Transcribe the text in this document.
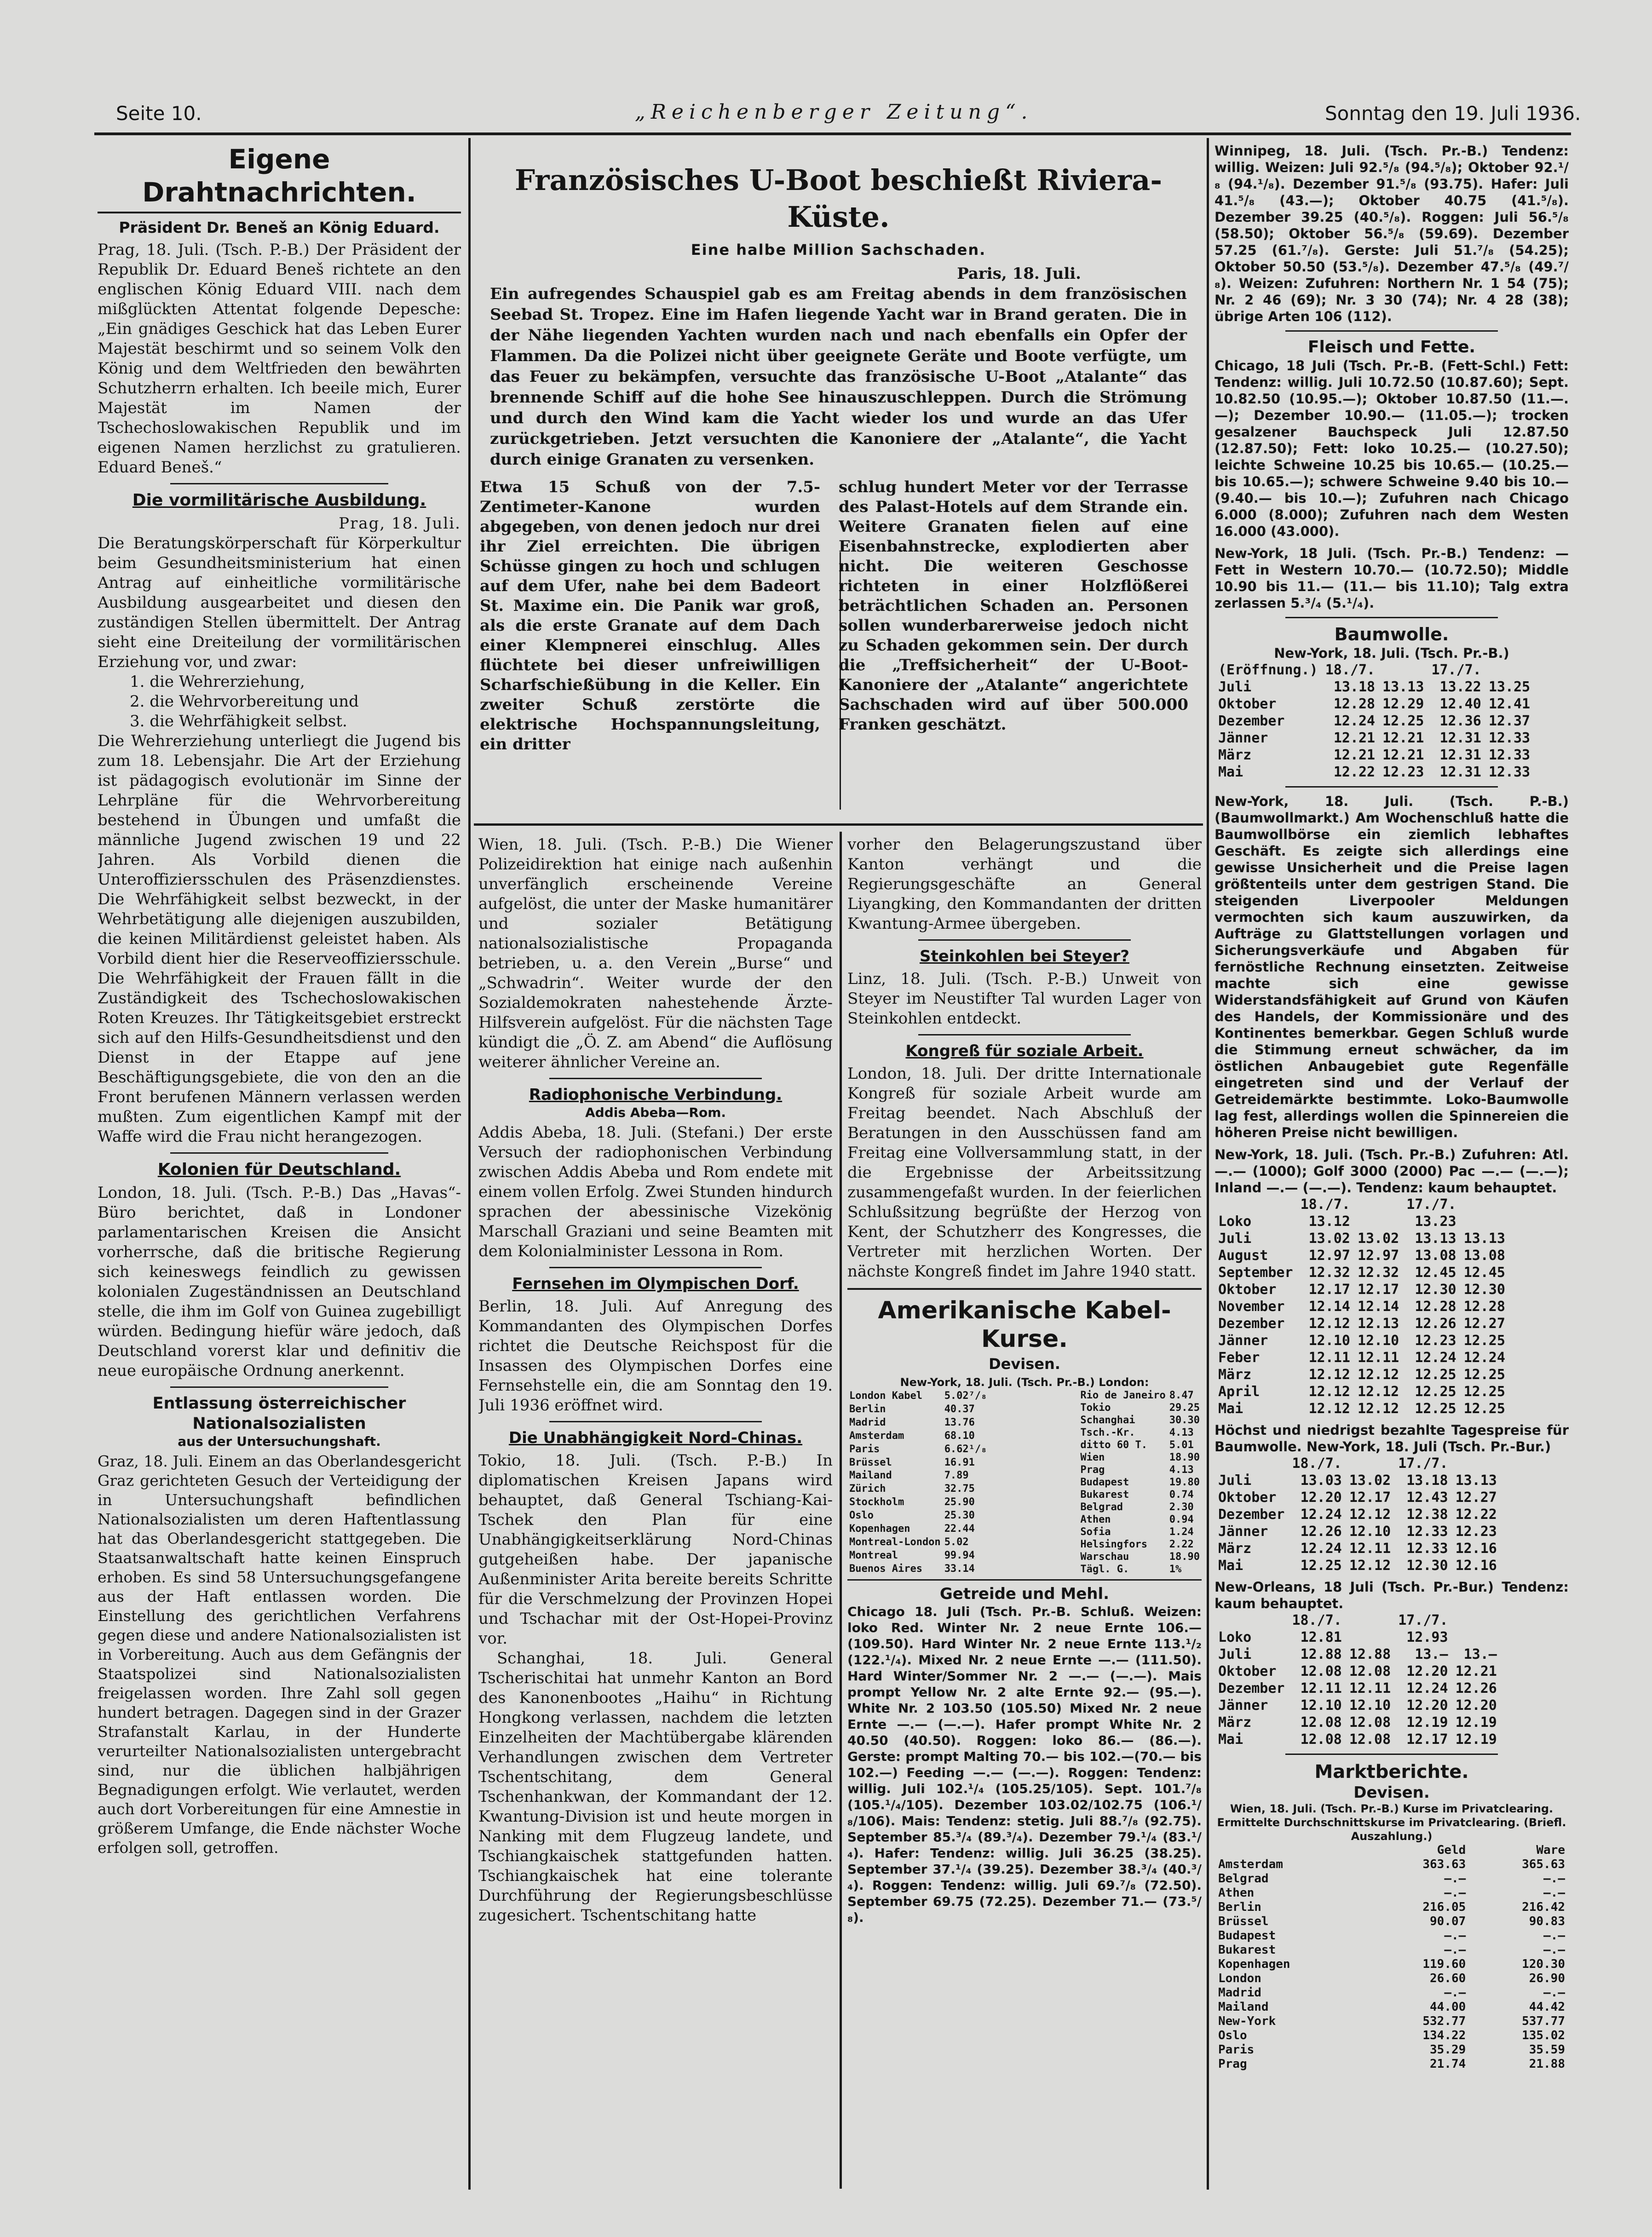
Seite 10.	„Reichenberger Zeitung“.	Sonntag den 19. Juli 1936.
Eigene Drahtnachrichten.
Präsident Dr. Beneš an König Eduard.

Prag, 18. Juli. (Tsch. P.-B.) Der Präsident der Republik Dr. Eduard Beneš richtete an den englischen König Eduard VIII. nach dem mißglückten Attentat folgende Depesche: „Ein gnädiges Geschick hat das Leben Eurer Majestät beschirmt und so seinem Volk den König und dem Weltfrieden den bewährten Schutzherrn erhalten. Ich beeile mich, Eurer Majestät im Namen der Tschechoslowakischen Republik und im eigenen Namen herzlichst zu gratulieren. Eduard Beneš.“

Die vormilitärische Ausbildung.

Prag, 18. Juli.

Die Beratungskörperschaft für Körperkultur beim Gesundheitsministerium hat einen Antrag auf einheitliche vormilitärische Ausbildung ausgearbeitet und diesen den zuständigen Stellen übermittelt. Der Antrag sieht eine Dreiteilung der vormilitärischen Erziehung vor, und zwar:

1. die Wehrerziehung,
2. die Wehrvorbereitung und
3. die Wehrfähigkeit selbst.

Die Wehrerziehung unterliegt die Jugend bis zum 18. Lebensjahr. Die Art der Erziehung ist pädagogisch evolutionär im Sinne der Lehrpläne für die Wehrvorbereitung bestehend in Übungen und umfaßt die männliche Jugend zwischen 19 und 22 Jahren. Als Vorbild dienen die Unteroffiziersschulen des Präsenzdienstes. Die Wehrfähigkeit selbst bezweckt, in der Wehrbetätigung alle diejenigen auszubilden, die keinen Militärdienst geleistet haben. Als Vorbild dient hier die Reserveoffiziersschule. Die Wehrfähigkeit der Frauen fällt in die Zuständigkeit des Tschechoslowakischen Roten Kreuzes. Ihr Tätigkeitsgebiet erstreckt sich auf den Hilfs-Gesundheitsdienst und den Dienst in der Etappe auf jene Beschäftigungsgebiete, die von den an die Front berufenen Männern verlassen werden mußten. Zum eigentlichen Kampf mit der Waffe wird die Frau nicht herangezogen.

Kolonien für Deutschland.

London, 18. Juli. (Tsch. P.-B.) Das „Havas“-Büro berichtet, daß in Londoner parlamentarischen Kreisen die Ansicht vorherrsche, daß die britische Regierung sich keineswegs feindlich zu gewissen kolonialen Zugeständnissen an Deutschland stelle, die ihm im Golf von Guinea zugebilligt würden. Bedingung hiefür wäre jedoch, daß Deutschland vorerst klar und definitiv die neue europäische Ordnung anerkennt.

Entlassung österreichischer Nationalsozialisten

aus der Untersuchungshaft.

Graz, 18. Juli. Einem an das Oberlandesgericht Graz gerichteten Gesuch der Verteidigung der in Untersuchungshaft befindlichen Nationalsozialisten um deren Haftentlassung hat das Oberlandesgericht stattgegeben. Die Staatsanwaltschaft hatte keinen Einspruch erhoben. Es sind 58 Untersuchungsgefangene aus der Haft entlassen worden. Die Einstellung des gerichtlichen Verfahrens gegen diese und andere Nationalsozialisten ist in Vorbereitung. Auch aus dem Gefängnis der Staatspolizei sind Nationalsozialisten freigelassen worden. Ihre Zahl soll gegen hundert betragen. Dagegen sind in der Grazer Strafanstalt Karlau, in der Hunderte verurteilter Nationalsozialisten untergebracht sind, nur die üblichen halbjährigen Begnadigungen erfolgt. Wie verlautet, werden auch dort Vorbereitungen für eine Amnestie in größerem Umfange, die Ende nächster Woche erfolgen soll, getroffen.

Französisches U-Boot beschießt Riviera-Küste.

Eine halbe Million Sachschaden.

Paris, 18. Juli.

Ein aufregendes Schauspiel gab es am Freitag abends in dem französischen Seebad St. Tropez. Eine im Hafen liegende Yacht war in Brand geraten. Die in der Nähe liegenden Yachten wurden nach und nach ebenfalls ein Opfer der Flammen. Da die Polizei nicht über geeignete Geräte und Boote verfügte, um das Feuer zu bekämpfen, versuchte das französische U-Boot „Atalante“ das brennende Schiff auf die hohe See hinauszuschleppen. Durch die Strömung und durch den Wind kam die Yacht wieder los und wurde an das Ufer zurückgetrieben. Jetzt versuchten die Kanoniere der „Atalante“, die Yacht durch einige Granaten zu versenken.

Etwa 15 Schuß von der 7.5-Zentimeter-Kanone wurden abgegeben, von denen jedoch nur drei ihr Ziel erreichten. Die übrigen Schüsse gingen zu hoch und schlugen auf dem Ufer, nahe bei dem Badeort St. Maxime ein. Die Panik war groß, als die erste Granate auf dem Dach einer Klempnerei einschlug. Alles flüchtete bei dieser unfreiwilligen Scharfschießübung in die Keller. Ein zweiter Schuß zerstörte die elektrische Hochspannungsleitung, ein dritter

schlug hundert Meter vor der Terrasse des Palast-Hotels auf dem Strande ein. Weitere Granaten fielen auf eine Eisenbahnstrecke, explodierten aber nicht. Die weiteren Geschosse richteten in einer Holzflößerei beträchtlichen Schaden an. Personen sollen wunderbarerweise jedoch nicht zu Schaden gekommen sein. Der durch die „Treffsicherheit“ der U-Boot-Kanoniere der „Atalante“ angerichtete Sachschaden wird auf über 500.000 Franken geschätzt.

Wien, 18. Juli. (Tsch. P.-B.) Die Wiener Polizeidirektion hat einige nach außenhin unverfänglich erscheinende Vereine aufgelöst, die unter der Maske humanitärer und sozialer Betätigung nationalsozialistische Propaganda betrieben, u. a. den Verein „Burse“ und „Schwadrin“. Weiter wurde der den Sozialdemokraten nahestehende Ärzte-Hilfsverein aufgelöst. Für die nächsten Tage kündigt die „Ö. Z. am Abend“ die Auflösung weiterer ähnlicher Vereine an.

Radiophonische Verbindung.

Addis Abeba—Rom.

Addis Abeba, 18. Juli. (Stefani.) Der erste Versuch der radiophonischen Verbindung zwischen Addis Abeba und Rom endete mit einem vollen Erfolg. Zwei Stunden hindurch sprachen der abessinische Vizekönig Marschall Graziani und seine Beamten mit dem Kolonialminister Lessona in Rom.

Fernsehen im Olympischen Dorf.

Berlin, 18. Juli. Auf Anregung des Kommandanten des Olympischen Dorfes richtet die Deutsche Reichspost für die Insassen des Olympischen Dorfes eine Fernsehstelle ein, die am Sonntag den 19. Juli 1936 eröffnet wird.

Die Unabhängigkeit Nord-Chinas.

Tokio, 18. Juli. (Tsch. P.-B.) In diplomatischen Kreisen Japans wird behauptet, daß General Tschiang-Kai-Tschek den Plan für eine Unabhängigkeitserklärung Nord-Chinas gutgeheißen habe. Der japanische Außenminister Arita bereite bereits Schritte für die Verschmelzung der Provinzen Hopei und Tschachar mit der Ost-Hopei-Provinz vor.

Schanghai, 18. Juli. General Tscherischitai hat unmehr Kanton an Bord des Kanonenbootes „Haihu“ in Richtung Hongkong verlassen, nachdem die letzten Einzelheiten der Machtübergabe klärenden Verhandlungen zwischen dem Vertreter Tschentschitang, dem General Tschenhankwan, der Kommandant der 12. Kwantung-Division ist und heute morgen in Nanking mit dem Flugzeug landete, und Tschiangkaischek stattgefunden hatten. Tschiangkaischek hat eine tolerante Durchführung der Regierungsbeschlüsse zugesichert. Tschentschitang hatte

vorher den Belagerungszustand über Kanton verhängt und die Regierungsgeschäfte an General Liyangking, den Kommandanten der dritten Kwantung-Armee übergeben.

Steinkohlen bei Steyer?

Linz, 18. Juli. (Tsch. P.-B.) Unweit von Steyer im Neustifter Tal wurden Lager von Steinkohlen entdeckt.

Kongreß für soziale Arbeit.

London, 18. Juli. Der dritte Internationale Kongreß für soziale Arbeit wurde am Freitag beendet. Nach Abschluß der Beratungen in den Ausschüssen fand am Freitag eine Vollversammlung statt, in der die Ergebnisse der Arbeitssitzung zusammengefaßt wurden. In der feierlichen Schlußsitzung begrüßte der Herzog von Kent, der Schutzherr des Kongresses, die Vertreter mit herzlichen Worten. Der nächste Kongreß findet im Jahre 1940 statt.

Amerikanische Kabel-Kurse.

Devisen.

New-York, 18. Juli. (Tsch. Pr.-B.) London:

London Kabel	5.02⁷/₈
Berlin	40.37
Madrid	13.76
Amsterdam	68.10
Paris	6.62¹/₈
Brüssel	16.91
Mailand	7.89
Zürich	32.75
Stockholm	25.90
Oslo	25.30
Kopenhagen	22.44
Montreal-London	5.02
Montreal	99.94
Buenos Aires	33.14
Rio de Janeiro	8.47
Tokio	29.25
Schanghai	30.30
Tsch.-Kr.	4.13
ditto 60 T.	5.01
Wien	18.90
Prag	4.13
Budapest	19.80
Bukarest	0.74
Belgrad	2.30
Athen	0.94
Sofia	1.24
Helsingfors	2.22
Warschau	18.90
Tägl. G.	1%
Getreide und Mehl.

Chicago 18. Juli (Tsch. Pr.-B. Schluß. Weizen: loko Red. Winter Nr. 2 neue Ernte 106.— (109.50). Hard Winter Nr. 2 neue Ernte 113.¹/₂ (122.¹/₄). Mixed Nr. 2 neue Ernte —.— (111.50). Hard Winter/Sommer Nr. 2 —.— (—.—). Mais prompt Yellow Nr. 2 alte Ernte 92.— (95.—). White Nr. 2 103.50 (105.50) Mixed Nr. 2 neue Ernte —.— (—.—). Hafer prompt White Nr. 2 40.50 (40.50). Roggen: loko 86.— (86.—). Gerste: prompt Malting 70.— bis 102.—(70.— bis 102.—) Feeding —.— (—.—). Roggen: Tendenz: willig. Juli 102.¹/₄ (105.25/105). Sept. 101.⁷/₈ (105.¹/₄/105). Dezember 103.02/102.75 (106.¹/₈/106). Mais: Tendenz: stetig. Juli 88.⁷/₈ (92.75). September 85.³/₄ (89.³/₄). Dezember 79.¹/₄ (83.¹/₄). Hafer: Tendenz: willig. Juli 36.25 (38.25). September 37.¹/₄ (39.25). Dezember 38.³/₄ (40.³/₄). Roggen: Tendenz: willig. Juli 69.⁷/₈ (72.50). September 69.75 (72.25). Dezember 71.— (73.⁵/₈).

Winnipeg, 18. Juli. (Tsch. Pr.-B.) Tendenz: willig. Weizen: Juli 92.⁵/₈ (94.⁵/₈); Oktober 92.¹/₈ (94.¹/₈). Dezember 91.⁵/₈ (93.75). Hafer: Juli 41.⁵/₈ (43.—); Oktober 40.75 (41.⁵/₈). Dezember 39.25 (40.⁵/₈). Roggen: Juli 56.⁵/₈ (58.50); Oktober 56.⁵/₈ (59.69). Dezember 57.25 (61.⁷/₈). Gerste: Juli 51.⁷/₈ (54.25); Oktober 50.50 (53.⁵/₈). Dezember 47.⁵/₈ (49.⁷/₈). Weizen: Zufuhren: Northern Nr. 1 54 (75); Nr. 2 46 (69); Nr. 3 30 (74); Nr. 4 28 (38); übrige Arten 106 (112).

Fleisch und Fette.

Chicago, 18 Juli (Tsch. Pr.-B. (Fett-Schl.) Fett: Tendenz: willig. Juli 10.72.50 (10.87.60); Sept. 10.82.50 (10.95.—); Oktober 10.87.50 (11.—.—); Dezember 10.90.— (11.05.—); trocken gesalzener Bauchspeck Juli 12.87.50 (12.87.50); Fett: loko 10.25.— (10.27.50); leichte Schweine 10.25 bis 10.65.— (10.25.— bis 10.65.—); schwere Schweine 9.40 bis 10.— (9.40.— bis 10.—); Zufuhren nach Chicago 6.000 (8.000); Zufuhren nach dem Westen 16.000 (43.000).

New-York, 18 Juli. (Tsch. Pr.-B.) Tendenz: — Fett in Western 10.70.— (10.72.50); Middle 10.90 bis 11.— (11.— bis 11.10); Talg extra zerlassen 5.³/₄ (5.¹/₄).

Baumwolle.

New-York, 18. Juli. (Tsch. Pr.-B.)

(Eröffnung.)	18./7.		17./7.	
Juli	13.18	13.13	13.22	13.25
Oktober	12.28	12.29	12.40	12.41
Dezember	12.24	12.25	12.36	12.37
Jänner	12.21	12.21	12.31	12.33
März	12.21	12.21	12.31	12.33
Mai	12.22	12.23	12.31	12.33

New-York, 18. Juli. (Tsch. P.-B.) (Baumwollmarkt.) Am Wochenschluß hatte die Baumwollbörse ein ziemlich lebhaftes Geschäft. Es zeigte sich allerdings eine gewisse Unsicherheit und die Preise lagen größtenteils unter dem gestrigen Stand. Die steigenden Liverpooler Meldungen vermochten sich kaum auszuwirken, da Aufträge zu Glattstellungen vorlagen und Sicherungsverkäufe und Abgaben für fernöstliche Rechnung einsetzten. Zeitweise machte sich eine gewisse Widerstandsfähigkeit auf Grund von Käufen des Handels, der Kommissionäre und des Kontinentes bemerkbar. Gegen Schluß wurde die Stimmung erneut schwächer, da im östlichen Anbaugebiet gute Regenfälle eingetreten sind und der Verlauf der Getreidemärkte bestimmte. Loko-Baumwolle lag fest, allerdings wollen die Spinnereien die höheren Preise nicht bewilligen.

New-York, 18. Juli. (Tsch. Pr.-B.) Zufuhren: Atl. —.— (1000); Golf 3000 (2000) Pac —.— (—.—); Inland —.— (—.—). Tendenz: kaum behauptet.

	18./7.		17./7.	
Loko	13.12		13.23	
Juli	13.02	13.02	13.13	13.13
August	12.97	12.97	13.08	13.08
September	12.32	12.32	12.45	12.45
Oktober	12.17	12.17	12.30	12.30
November	12.14	12.14	12.28	12.28
Dezember	12.12	12.13	12.26	12.27
Jänner	12.10	12.10	12.23	12.25
Feber	12.11	12.11	12.24	12.24
März	12.12	12.12	12.25	12.25
April	12.12	12.12	12.25	12.25
Mai	12.12	12.12	12.25	12.25

Höchst und niedrigst bezahlte Tagespreise für Baumwolle. New-York, 18. Juli (Tsch. Pr.-Bur.)

	18./7.		17./7.	
Juli	13.03	13.02	13.18	13.13
Oktober	12.20	12.17	12.43	12.27
Dezember	12.24	12.12	12.38	12.22
Jänner	12.26	12.10	12.33	12.23
März	12.24	12.11	12.33	12.16
Mai	12.25	12.12	12.30	12.16

New-Orleans, 18 Juli (Tsch. Pr.-Bur.) Tendenz: kaum behauptet.

	18./7.		17./7.	
Loko	12.81		12.93	
Juli	12.88	12.88	13.—	13.—
Oktober	12.08	12.08	12.20	12.21
Dezember	12.11	12.11	12.24	12.26
Jänner	12.10	12.10	12.20	12.20
März	12.08	12.08	12.19	12.19
Mai	12.08	12.08	12.17	12.19
Marktberichte.

Devisen.

Wien, 18. Juli. (Tsch. Pr.-B.) Kurse im Privatclearing. Ermittelte Durchschnittskurse im Privatclearing. (Briefl. Auszahlung.)

	Geld	Ware
Amsterdam	363.63	365.63
Belgrad	—.—	—.—
Athen	—.—	—.—
Berlin	216.05	216.42
Brüssel	90.07	90.83
Budapest	—.—	—.—
Bukarest	—.—	—.—
Kopenhagen	119.60	120.30
London	26.60	26.90
Madrid	—.—	—.—
Mailand	44.00	44.42
New-York	532.77	537.77
Oslo	134.22	135.02
Paris	35.29	35.59
Prag	21.74	21.88
